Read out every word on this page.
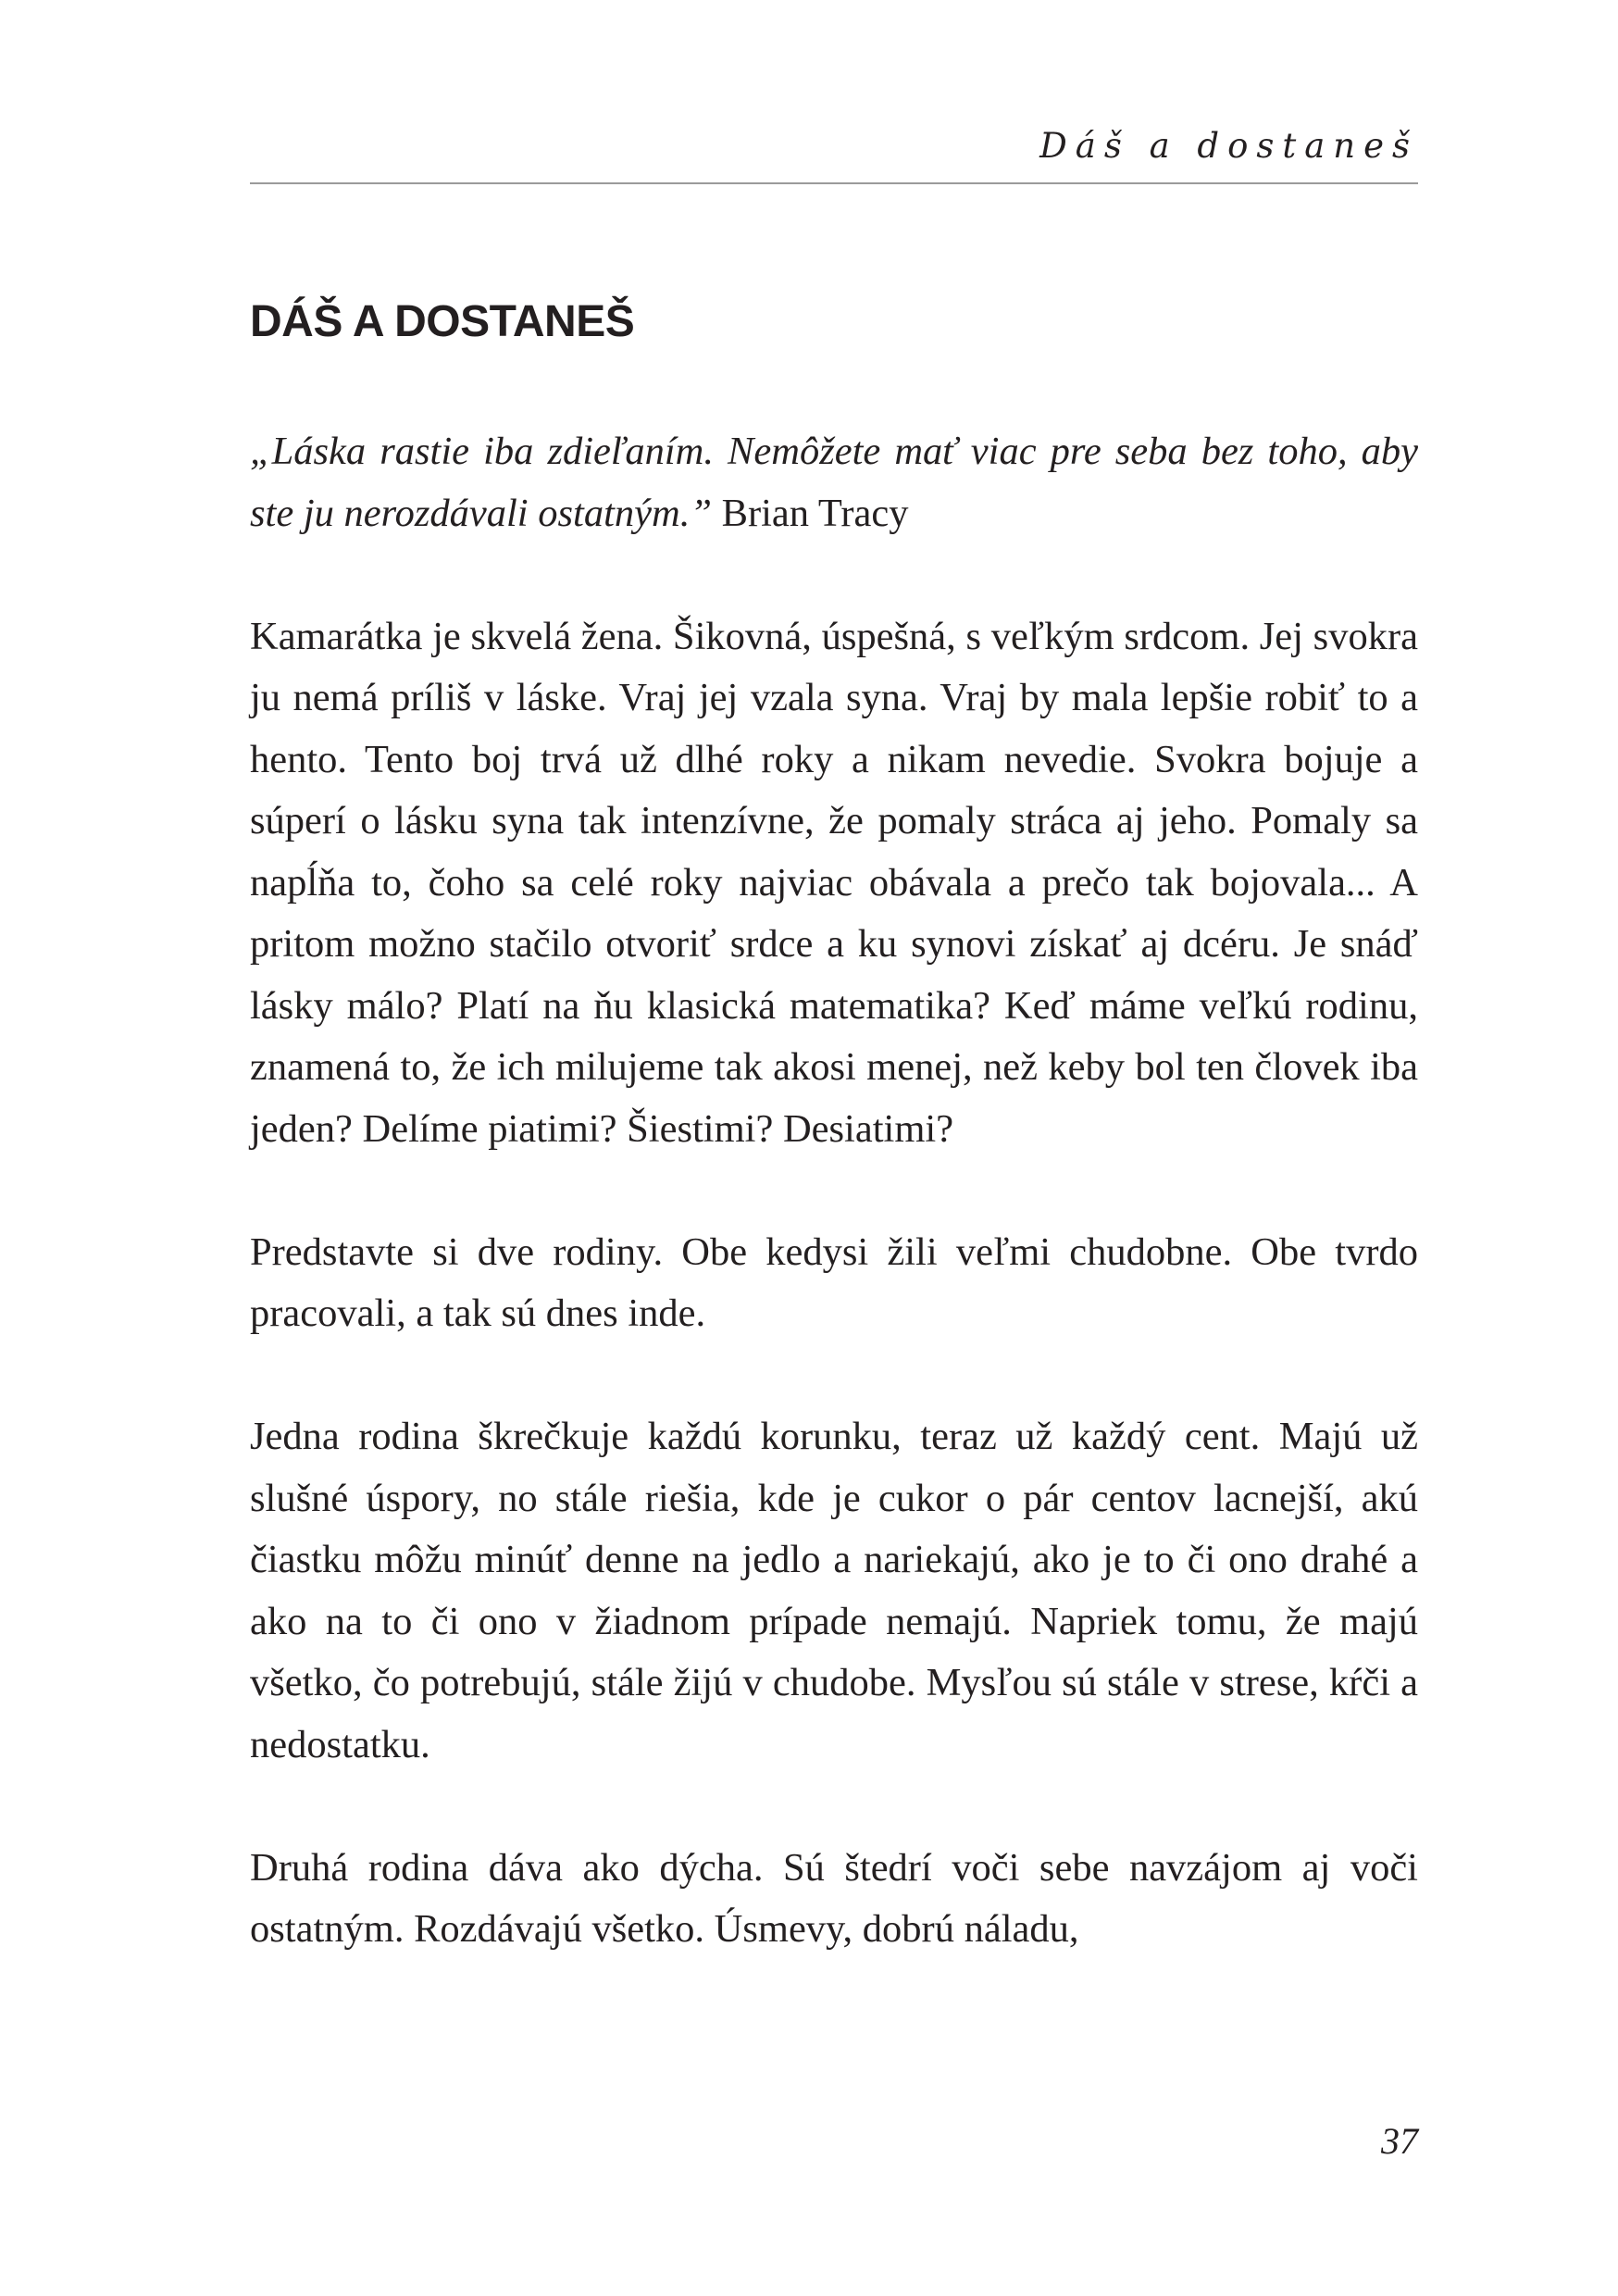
Dáš a dostaneš
DÁŠ A DOSTANEŠ

„Láska rastie iba zdieľaním. Nemôžete mať viac pre seba bez toho, aby ste ju nerozdávali ostatným.” Brian Tracy

Kamarátka je skvelá žena. Šikovná, úspešná, s veľkým srdcom. Jej svokra ju nemá príliš v láske. Vraj jej vzala syna. Vraj by mala lepšie robiť to a hento. Tento boj trvá už dlhé roky a nikam nevedie. Svokra bojuje a súperí o lásku syna tak intenzívne, že pomaly stráca aj jeho. Pomaly sa napĺňa to, čoho sa celé roky najviac obávala a prečo tak bojovala... A pritom možno stačilo otvoriť srdce a ku synovi získať aj dcéru. Je snáď lásky málo? Platí na ňu klasická matematika? Keď máme veľkú rodinu, znamená to, že ich milujeme tak akosi menej, než keby bol ten človek iba jeden? Delíme piatimi? Šiestimi? Desiatimi?

Predstavte si dve rodiny. Obe kedysi žili veľmi chudobne. Obe tvrdo pracovali, a tak sú dnes inde.

Jedna rodina škrečkuje každú korunku, teraz už každý cent. Majú už slušné úspory, no stále riešia, kde je cukor o pár centov lacnejší, akú čiastku môžu minúť denne na jedlo a nariekajú, ako je to či ono drahé a ako na to či ono v žiadnom prípade nemajú. Napriek tomu, že majú všetko, čo potrebujú, stále žijú v chudobe. Mysľou sú stále v strese, kŕči a nedostatku.

Druhá rodina dáva ako dýcha. Sú štedrí voči sebe navzájom aj voči ostatným. Rozdávajú všetko. Úsmevy, dobrú náladu,

37
